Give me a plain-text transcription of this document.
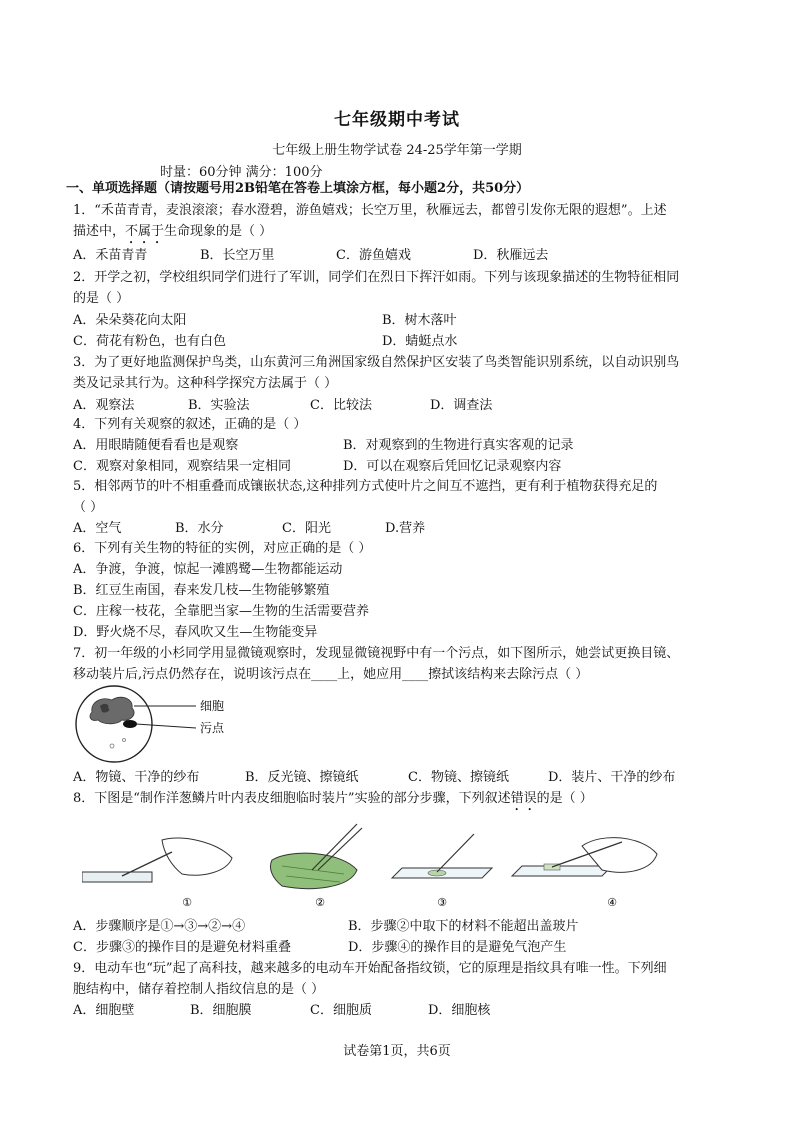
七年级期中考试
七年级上册生物学试卷 24-25学年第一学期
时量：60分钟 满分：100分
一、单项选择题（请按题号用2B铅笔在答卷上填涂方框，每小题2分，共50分）
1．“禾苗青青，麦浪滚滚；春水澄碧，游鱼嬉戏；长空万里，秋雁远去，都曾引发你无限的遐想”。上述
描述中，不属于生命现象的是（ ）
A．禾苗青青	B．长空万里	C．游鱼嬉戏	D．秋雁远去
2．开学之初，学校组织同学们进行了军训，同学们在烈日下挥汗如雨。下列与该现象描述的生物特征相同
的是（ ）
A．朵朵葵花向太阳	B．树木落叶
C．荷花有粉色，也有白色	D．蜻蜓点水
3．为了更好地监测保护鸟类，山东黄河三角洲国家级自然保护区安装了鸟类智能识别系统，以自动识别鸟
类及记录其行为。这种科学探究方法属于（ ）
A．观察法	B．实验法	C．比较法	D．调查法
4．下列有关观察的叙述，正确的是（ ）
A．用眼睛随便看看也是观察	B．对观察到的生物进行真实客观的记录
C．观察对象相同，观察结果一定相同	D．可以在观察后凭回忆记录观察内容
5．相邻两节的叶不相重叠而成镶嵌状态,这种排列方式使叶片之间互不遮挡，更有利于植物获得充足的
（ ）
A．空气	B．水分	C．阳光	D.营养
6．下列有关生物的特征的实例，对应正确的是（ ）
A．争渡，争渡，惊起一滩鸥鹭—生物都能运动
B．红豆生南国，春来发几枝—生物能够繁殖
C．庄稼一枝花，全靠肥当家—生物的生活需要营养
D．野火烧不尽，春风吹又生—生物能变异
7．初一年级的小杉同学用显微镜观察时，发现显微镜视野中有一个污点，如下图所示，她尝试更换目镜、
移动装片后,污点仍然存在，说明该污点在____上，她应用____擦拭该结构来去除污点（ ）
细胞
污点
A．物镜、干净的纱布	B．反光镜、擦镜纸	C．物镜、擦镜纸	D．装片、干净的纱布
8．下图是“制作洋葱鳞片叶内表皮细胞临时装片”实验的部分步骤，下列叙述错误的是（ ）
①	②	③	④
A．步骤顺序是①→③→②→④	B．步骤②中取下的材料不能超出盖玻片
C．步骤③的操作目的是避免材料重叠	D．步骤④的操作目的是避免气泡产生
9．电动车也“玩”起了高科技，越来越多的电动车开始配备指纹锁，它的原理是指纹具有唯一性。下列细
胞结构中，储存着控制人指纹信息的是（ ）
A．细胞壁	B．细胞膜	C．细胞质	D．细胞核
试卷第1页，共6页
